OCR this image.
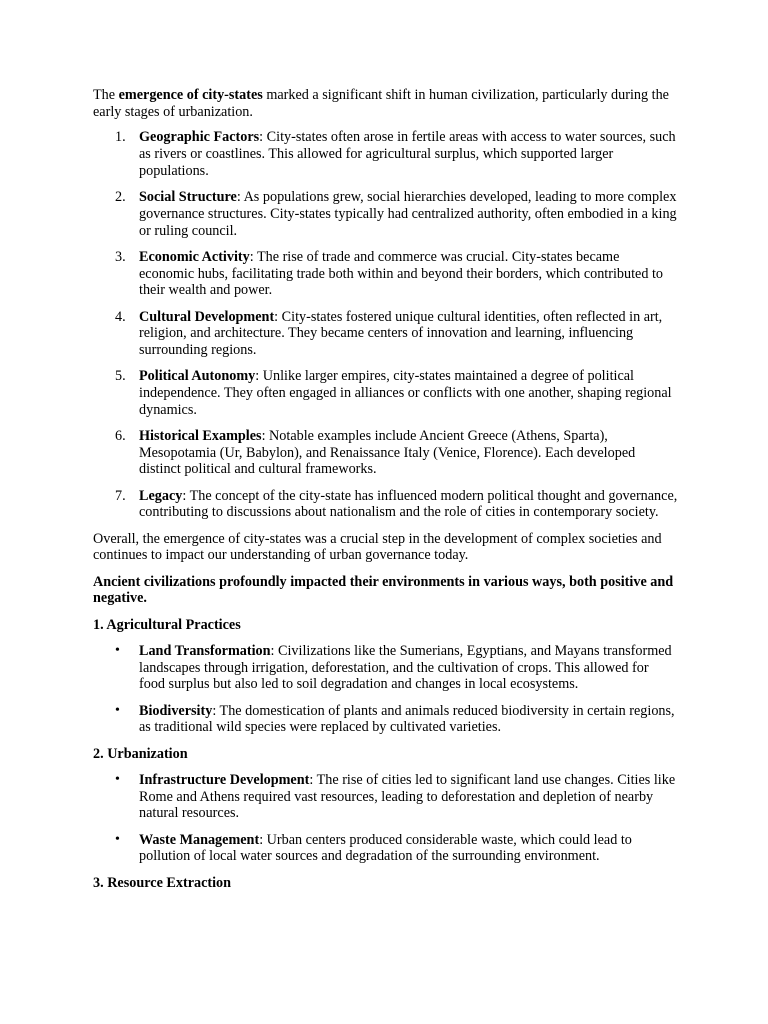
The emergence of city-states marked a significant shift in human civilization, particularly during the early stages of urbanization.

1. Geographic Factors: City-states often arose in fertile areas with access to water sources, such as rivers or coastlines. This allowed for agricultural surplus, which supported larger populations.
2. Social Structure: As populations grew, social hierarchies developed, leading to more complex governance structures. City-states typically had centralized authority, often embodied in a king or ruling council.
3. Economic Activity: The rise of trade and commerce was crucial. City-states became economic hubs, facilitating trade both within and beyond their borders, which contributed to their wealth and power.
4. Cultural Development: City-states fostered unique cultural identities, often reflected in art, religion, and architecture. They became centers of innovation and learning, influencing surrounding regions.
5. Political Autonomy: Unlike larger empires, city-states maintained a degree of political independence. They often engaged in alliances or conflicts with one another, shaping regional dynamics.
6. Historical Examples: Notable examples include Ancient Greece (Athens, Sparta), Mesopotamia (Ur, Babylon), and Renaissance Italy (Venice, Florence). Each developed distinct political and cultural frameworks.
7. Legacy: The concept of the city-state has influenced modern political thought and governance, contributing to discussions about nationalism and the role of cities in contemporary society.

Overall, the emergence of city-states was a crucial step in the development of complex societies and continues to impact our understanding of urban governance today.

Ancient civilizations profoundly impacted their environments in various ways, both positive and negative.

1. Agricultural Practices

• Land Transformation: Civilizations like the Sumerians, Egyptians, and Mayans transformed landscapes through irrigation, deforestation, and the cultivation of crops. This allowed for food surplus but also led to soil degradation and changes in local ecosystems.
• Biodiversity: The domestication of plants and animals reduced biodiversity in certain regions, as traditional wild species were replaced by cultivated varieties.

2. Urbanization

• Infrastructure Development: The rise of cities led to significant land use changes. Cities like Rome and Athens required vast resources, leading to deforestation and depletion of nearby natural resources.
• Waste Management: Urban centers produced considerable waste, which could lead to pollution of local water sources and degradation of the surrounding environment.

3. Resource Extraction
